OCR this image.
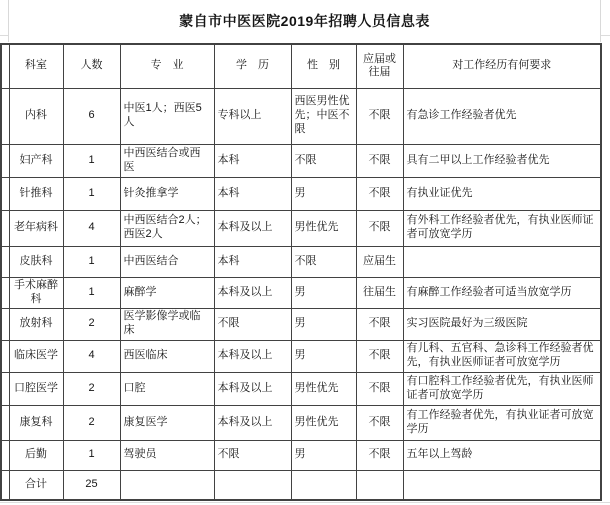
蒙自市中医医院2019年招聘人员信息表
	科室	人数	专　业	学　历	性　别	应届或往届	对工作经历有何要求
	内科	6	中医1人；西医5人	专科以上	西医男性优先；中医不限	不限	有急诊工作经验者优先
	妇产科	1	中西医结合或西医	本科	不限	不限	具有二甲以上工作经验者优先
	针推科	1	针灸推拿学	本科	男	不限	有执业证优先
	老年病科	4	中西医结合2人；西医2人	本科及以上	男性优先	不限	有外科工作经验者优先，有执业医师证者可放宽学历
	皮肤科	1	中西医结合	本科	不限	应届生	
	手术麻醉科	1	麻醉学	本科及以上	男	往届生	有麻醉工作经验者可适当放宽学历
	放射科	2	医学影像学或临床	不限	男	不限	实习医院最好为三级医院
	临床医学	4	西医临床	本科及以上	男	不限	有儿科、五官科、急诊科工作经验者优先，有执业医师证者可放宽学历
	口腔医学	2	口腔	本科及以上	男性优先	不限	有口腔科工作经验者优先，有执业医师证者可放宽学历
	康复科	2	康复医学	本科及以上	男性优先	不限	有工作经验者优先，有执业证者可放宽学历
	后勤	1	驾驶员	不限	男	不限	五年以上驾龄
	合计	25					
